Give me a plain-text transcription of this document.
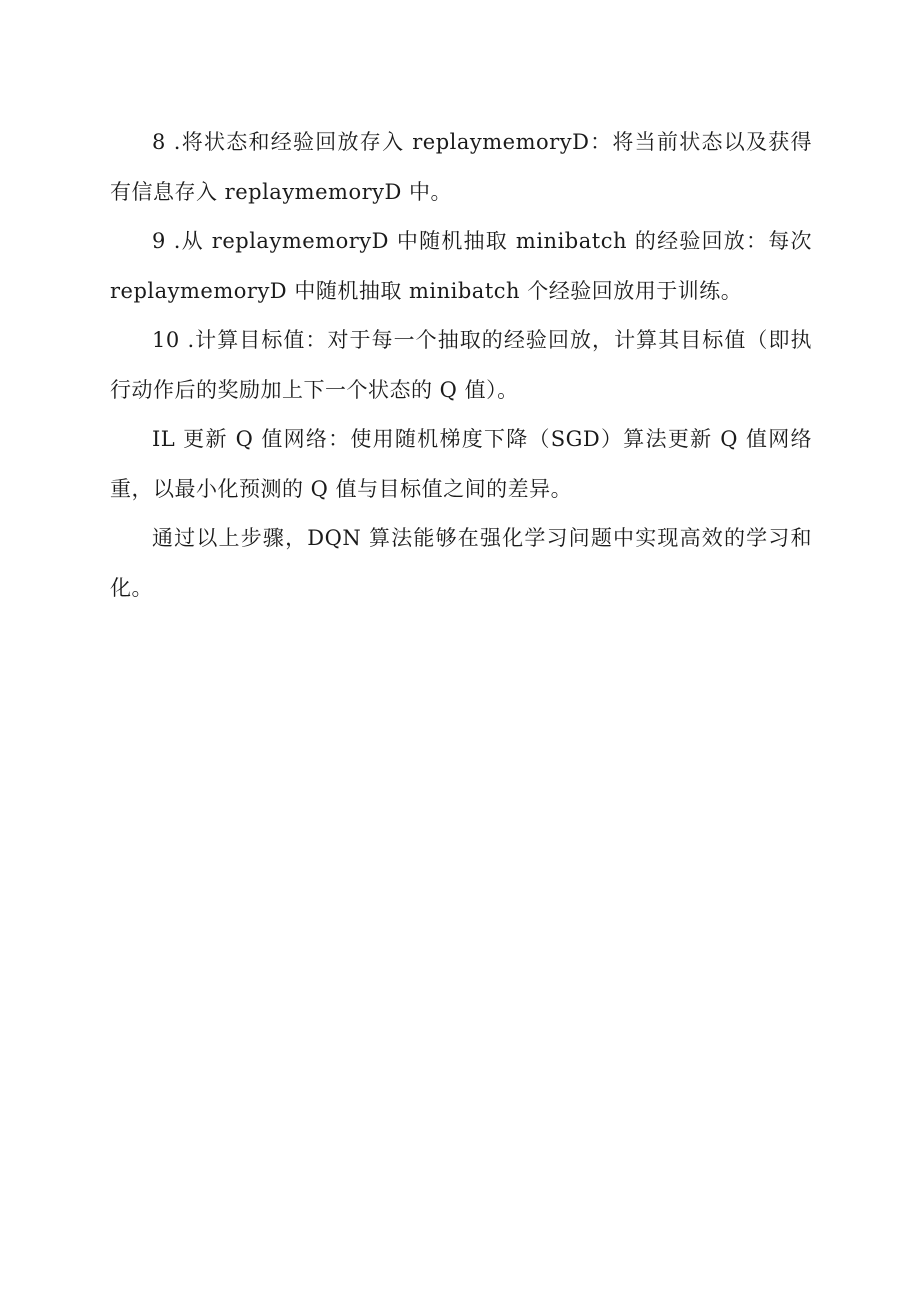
8 .将状态和经验回放存入 replaymemoryD：将当前状态以及获得
有信息存入 replaymemoryD 中。
9 .从 replaymemoryD 中随机抽取 minibatch 的经验回放：每次
replaymemoryD 中随机抽取 minibatch 个经验回放用于训练。
10 .计算目标值：对于每一个抽取的经验回放，计算其目标值（即执
行动作后的奖励加上下一个状态的 Q 值）。
IL 更新 Q 值网络：使用随机梯度下降（SGD）算法更新 Q 值网络
重，以最小化预测的 Q 值与目标值之间的差异。
通过以上步骤，DQN 算法能够在强化学习问题中实现高效的学习和
化。
